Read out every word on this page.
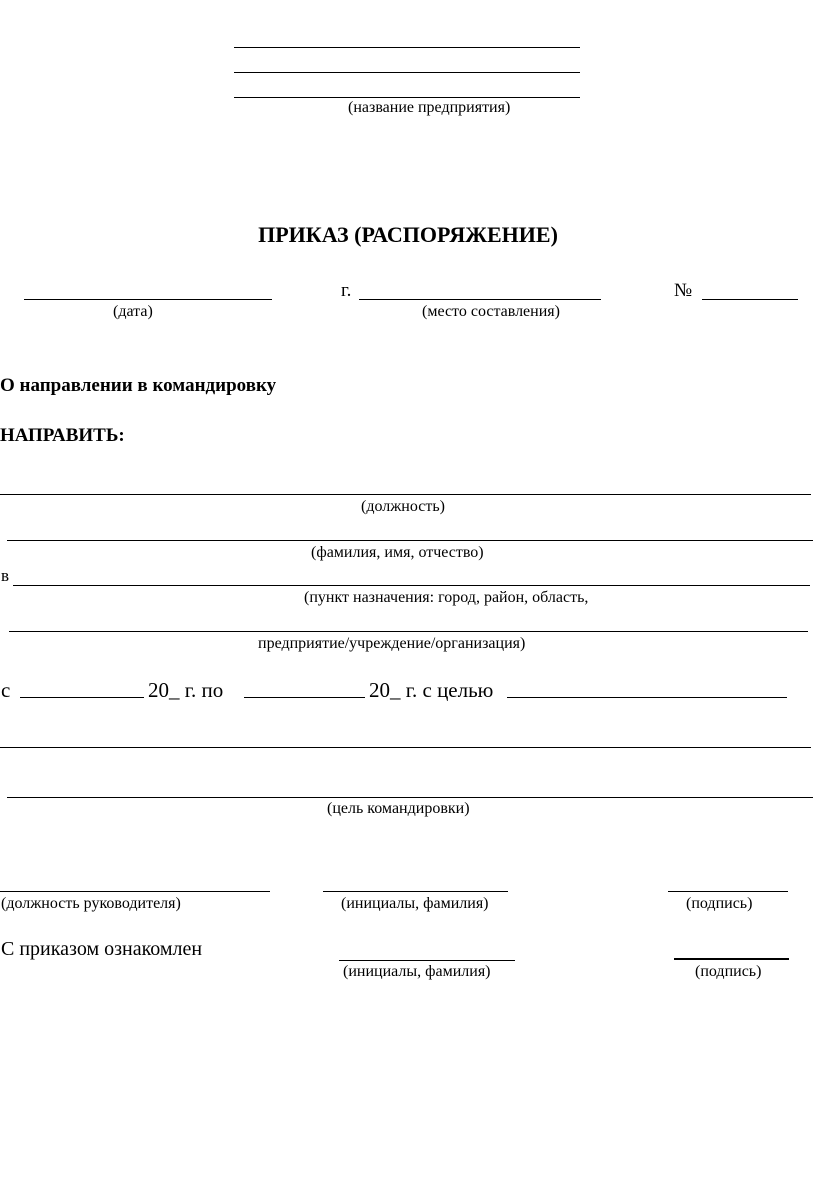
(название предприятия)
ПРИКАЗ (РАСПОРЯЖЕНИЕ)
г.	№
(дата)	(место составления)
О направлении в командировку
НАПРАВИТЬ:
(должность)
(фамилия, имя, отчество)
в
(пункт назначения: город, район, область,
предприятие/учреждение/организация)
с	20_ г. по	20_ г. с целью
(цель командировки)
(должность руководителя)	(инициалы, фамилия)	(подпись)
С приказом ознакомлен
(инициалы, фамилия)	(подпись)
